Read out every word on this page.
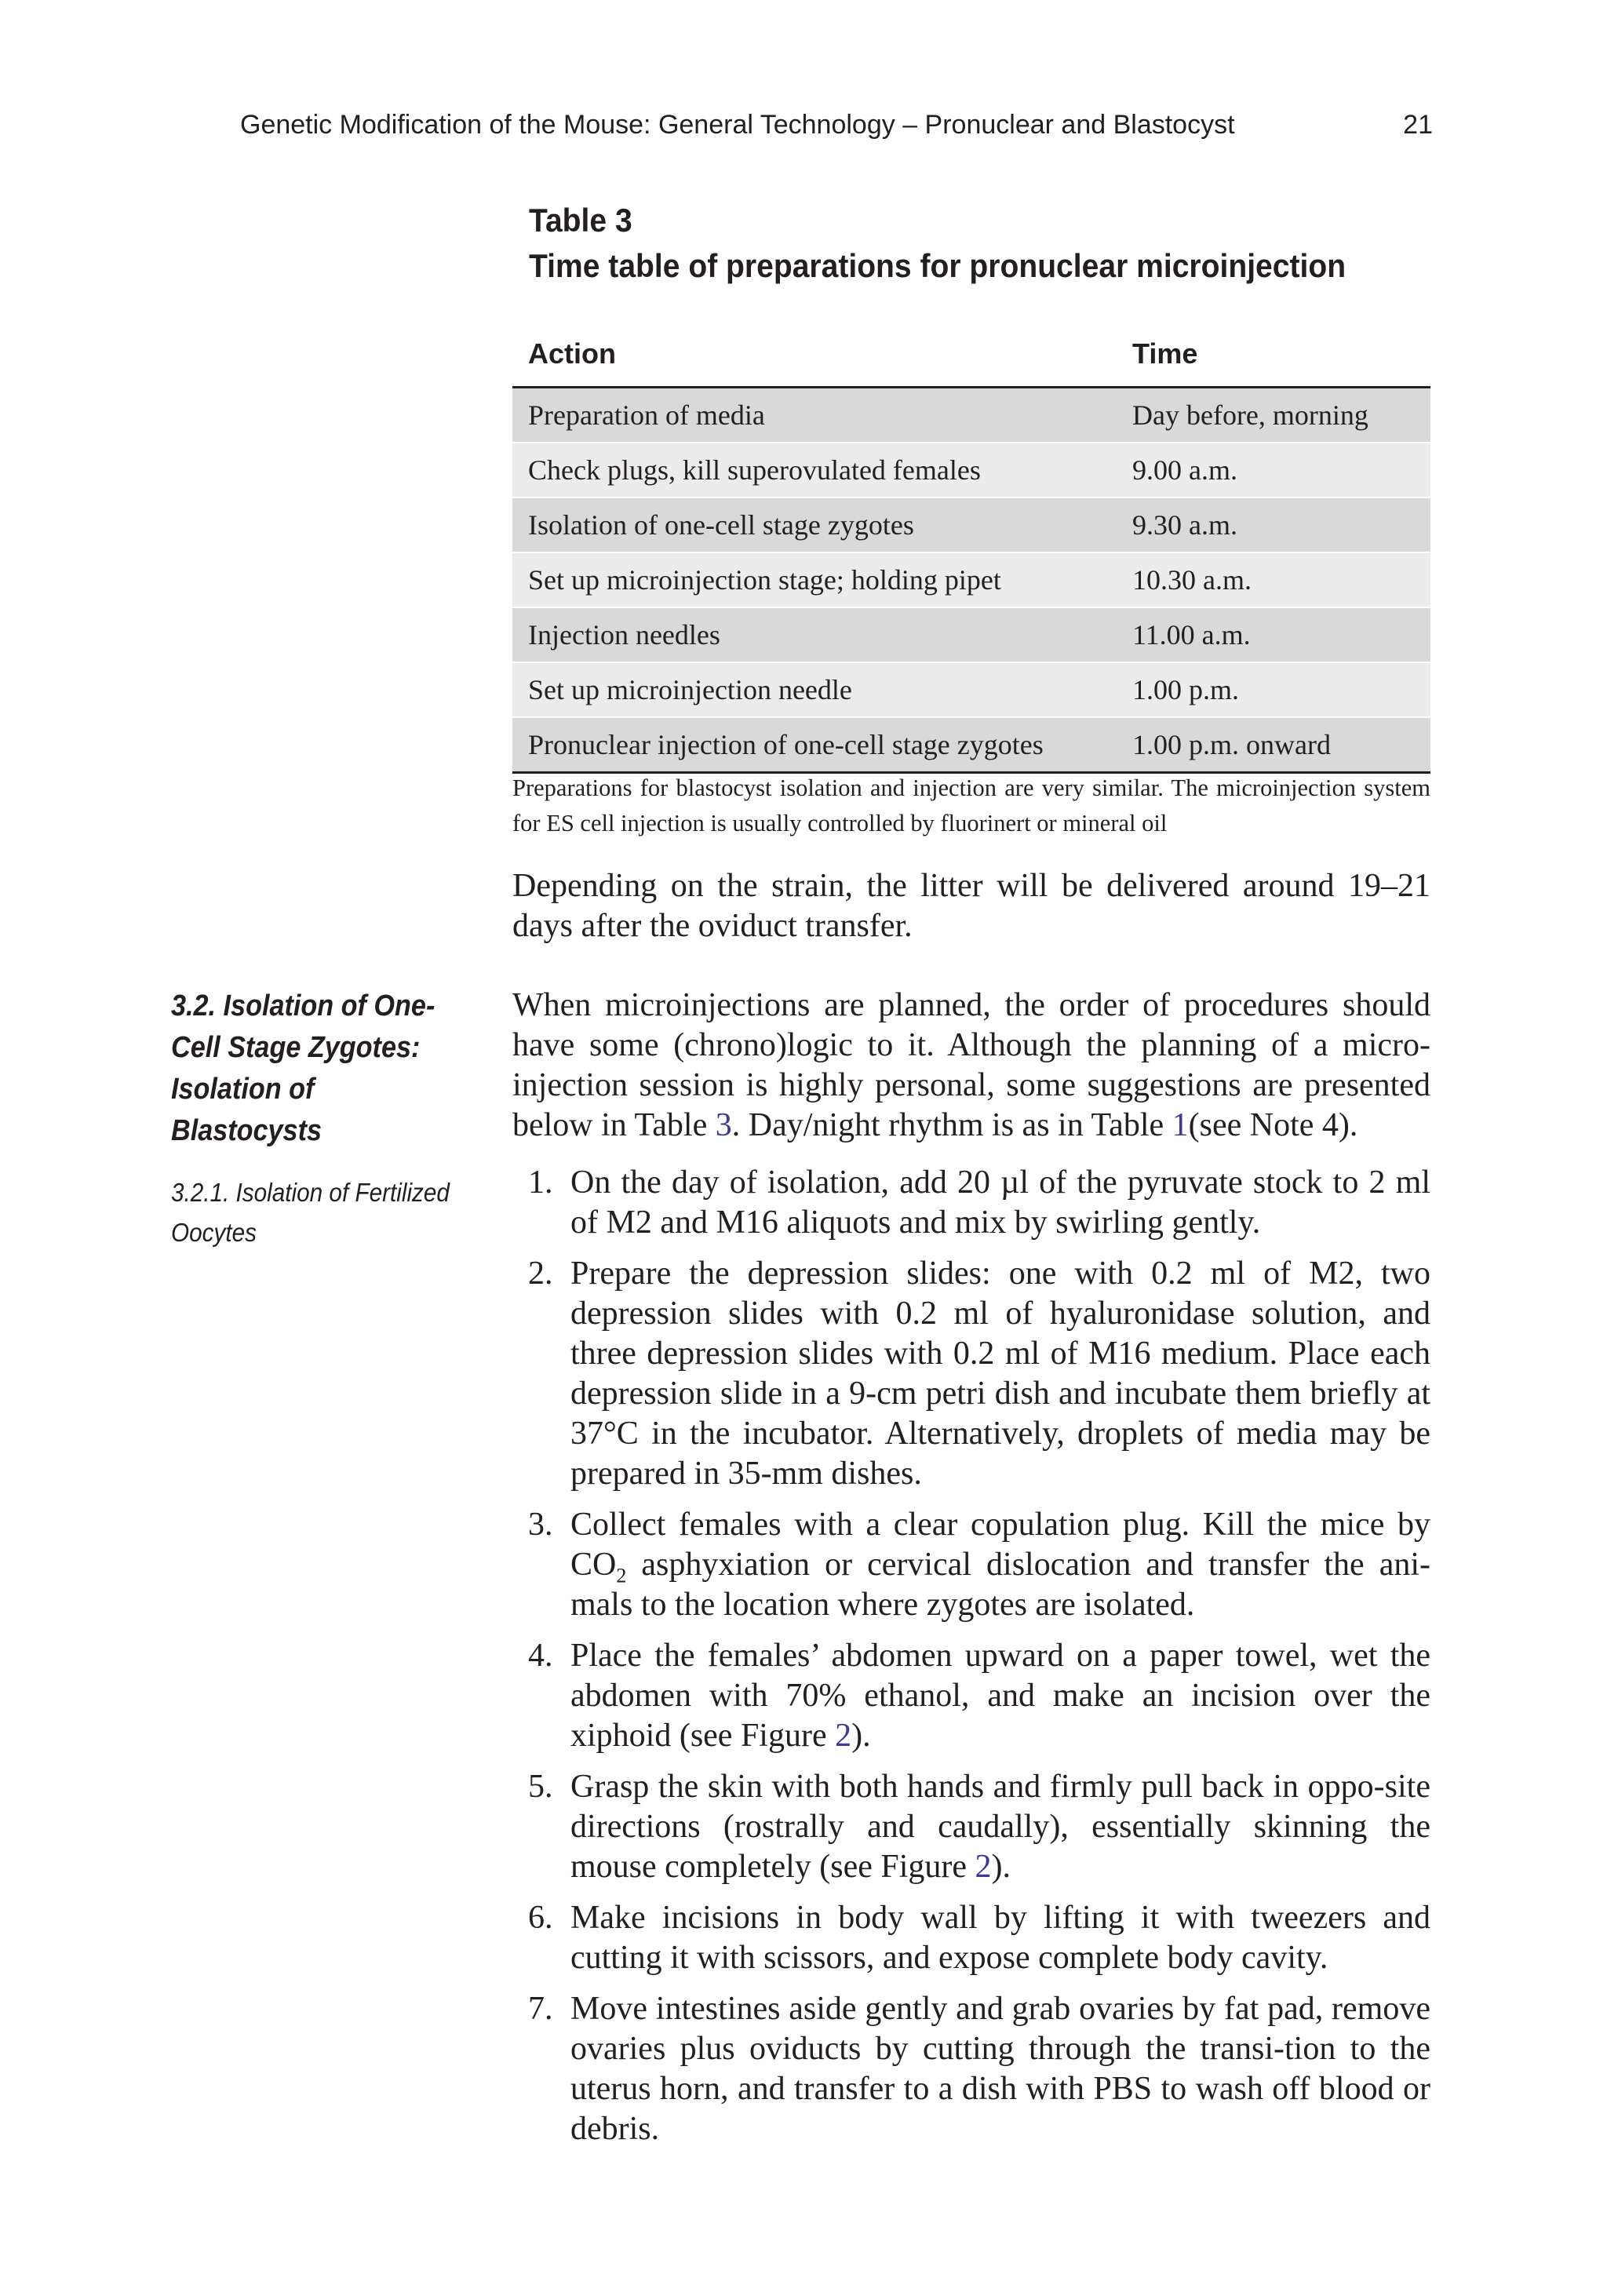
Genetic Modification of the Mouse: General Technology – Pronuclear and Blastocyst	21
Table 3
Time table of preparations for pronuclear microinjection
Action	Time
Preparation of media	Day before, morning
Check plugs, kill superovulated females	9.00 a.m.
Isolation of one-cell stage zygotes	9.30 a.m.
Set up microinjection stage; holding pipet	10.30 a.m.
Injection needles	11.00 a.m.
Set up microinjection needle	1.00 p.m.
Pronuclear injection of one-cell stage zygotes	1.00 p.m. onward
Preparations for blastocyst isolation and injection are very similar. The microinjection system for ES cell injection is usually controlled by fluorinert or mineral oil

Depending on the strain, the litter will be delivered around 19–21 days after the oviduct transfer.

3.2. Isolation of One-Cell Stage Zygotes: Isolation of Blastocysts
3.2.1. Isolation of Fertilized Oocytes

When microinjections are planned, the order of procedures should have some (chrono)logic to it. Although the planning of a micro-injection session is highly personal, some suggestions are presented below in Table 3. Day/night rhythm is as in Table 1(see Note 4).

1. On the day of isolation, add 20 µl of the pyruvate stock to 2 ml of M2 and M16 aliquots and mix by swirling gently.
2. Prepare the depression slides: one with 0.2 ml of M2, two depression slides with 0.2 ml of hyaluronidase solution, and three depression slides with 0.2 ml of M16 medium. Place each depression slide in a 9-cm petri dish and incubate them briefly at 37°C in the incubator. Alternatively, droplets of media may be prepared in 35-mm dishes.
3. Collect females with a clear copulation plug. Kill the mice by $CO_2$ asphyxiation or cervical dislocation and transfer the ani-mals to the location where zygotes are isolated.
4. Place the females’ abdomen upward on a paper towel, wet the abdomen with 70% ethanol, and make an incision over the xiphoid (see Figure 2).
5. Grasp the skin with both hands and firmly pull back in oppo-site directions (rostrally and caudally), essentially skinning the mouse completely (see Figure 2).
6. Make incisions in body wall by lifting it with tweezers and cutting it with scissors, and expose complete body cavity.
7. Move intestines aside gently and grab ovaries by fat pad, remove ovaries plus oviducts by cutting through the transi-tion to the uterus horn, and transfer to a dish with PBS to wash off blood or debris.
